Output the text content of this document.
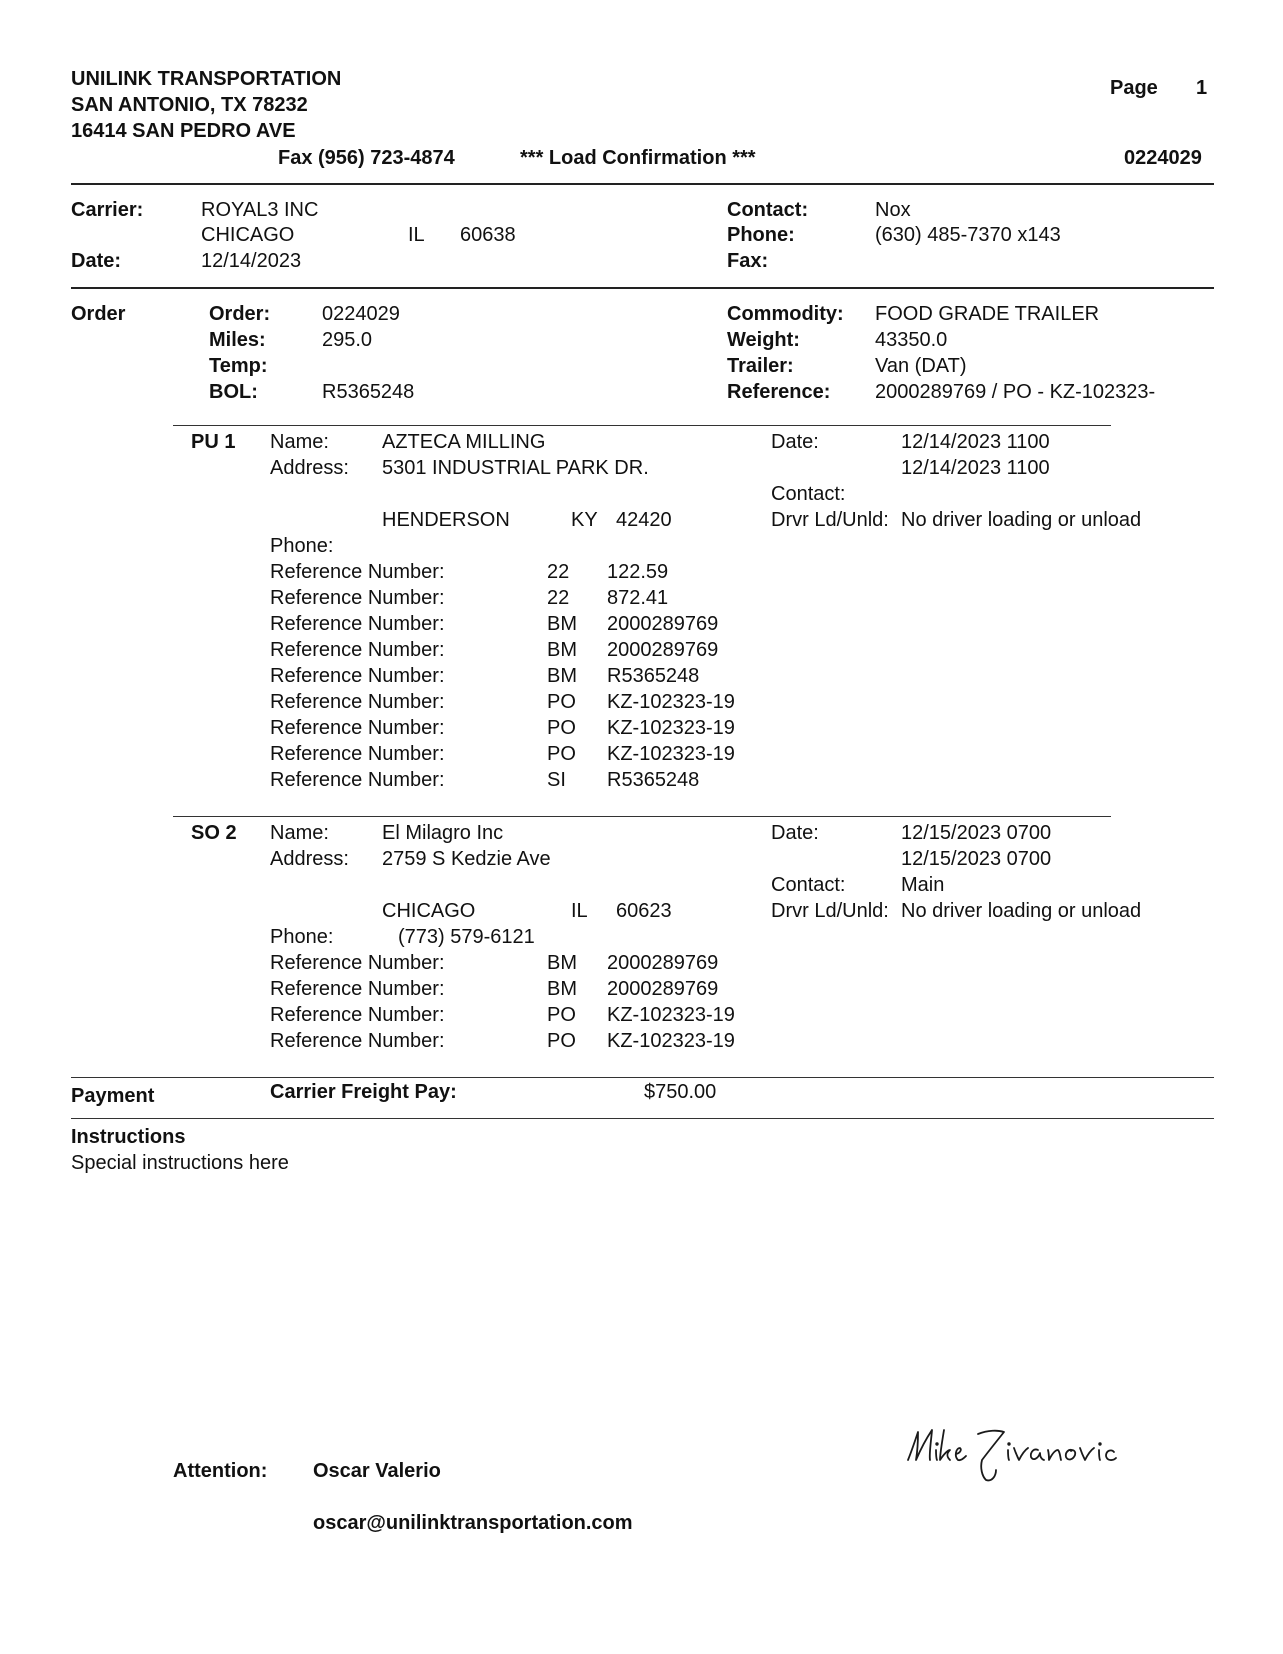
UNILINK TRANSPORTATION
SAN ANTONIO, TX 78232
16414 SAN PEDRO AVE
Fax (956) 723-4874	*** Load Confirmation ***
Page 1
0224029
Carrier:	ROYAL3 INC
CHICAGO	IL 60638
Date:	12/14/2023
Contact:	Nox
Phone:	(630) 485-7370 x143
Fax:
Order	Order:	0224029
Miles:	295.0
Temp:
BOL:	R5365248
Commodity: FOOD GRADE TRAILER
Weight:	43350.0
Trailer:	Van (DAT)
Reference: 2000289769 / PO - KZ-102323-
PU 1 Name:	AZTECA MILLING
Address: 5301 INDUSTRIAL PARK DR.
HENDERSON	KY 42420
Phone:
Date:	12/14/2023 1100
12/14/2023 1100
Contact:
Drvr Ld/Unld: No driver loading or unload
Reference Number:	22 122.59
Reference Number:	22 872.41
Reference Number:	BM 2000289769
Reference Number:	BM 2000289769
Reference Number:	BM R5365248
Reference Number:	PO KZ-102323-19
Reference Number:	PO KZ-102323-19
Reference Number:	PO KZ-102323-19
Reference Number:	SI R5365248
SO 2 Name:	El Milagro Inc
Address: 2759 S Kedzie Ave
CHICAGO	IL 60623
Phone:	(773) 579-6121
Date:	12/15/2023 0700
12/15/2023 0700
Contact:	Main
Drvr Ld/Unld: No driver loading or unload
Reference Number:	BM 2000289769
Reference Number:	BM 2000289769
Reference Number:	PO KZ-102323-19
Reference Number:	PO KZ-102323-19
Payment	Carrier Freight Pay:	$750.00
Instructions
Special instructions here
Attention: Oscar Valerio
oscar@unilinktransportation.com
